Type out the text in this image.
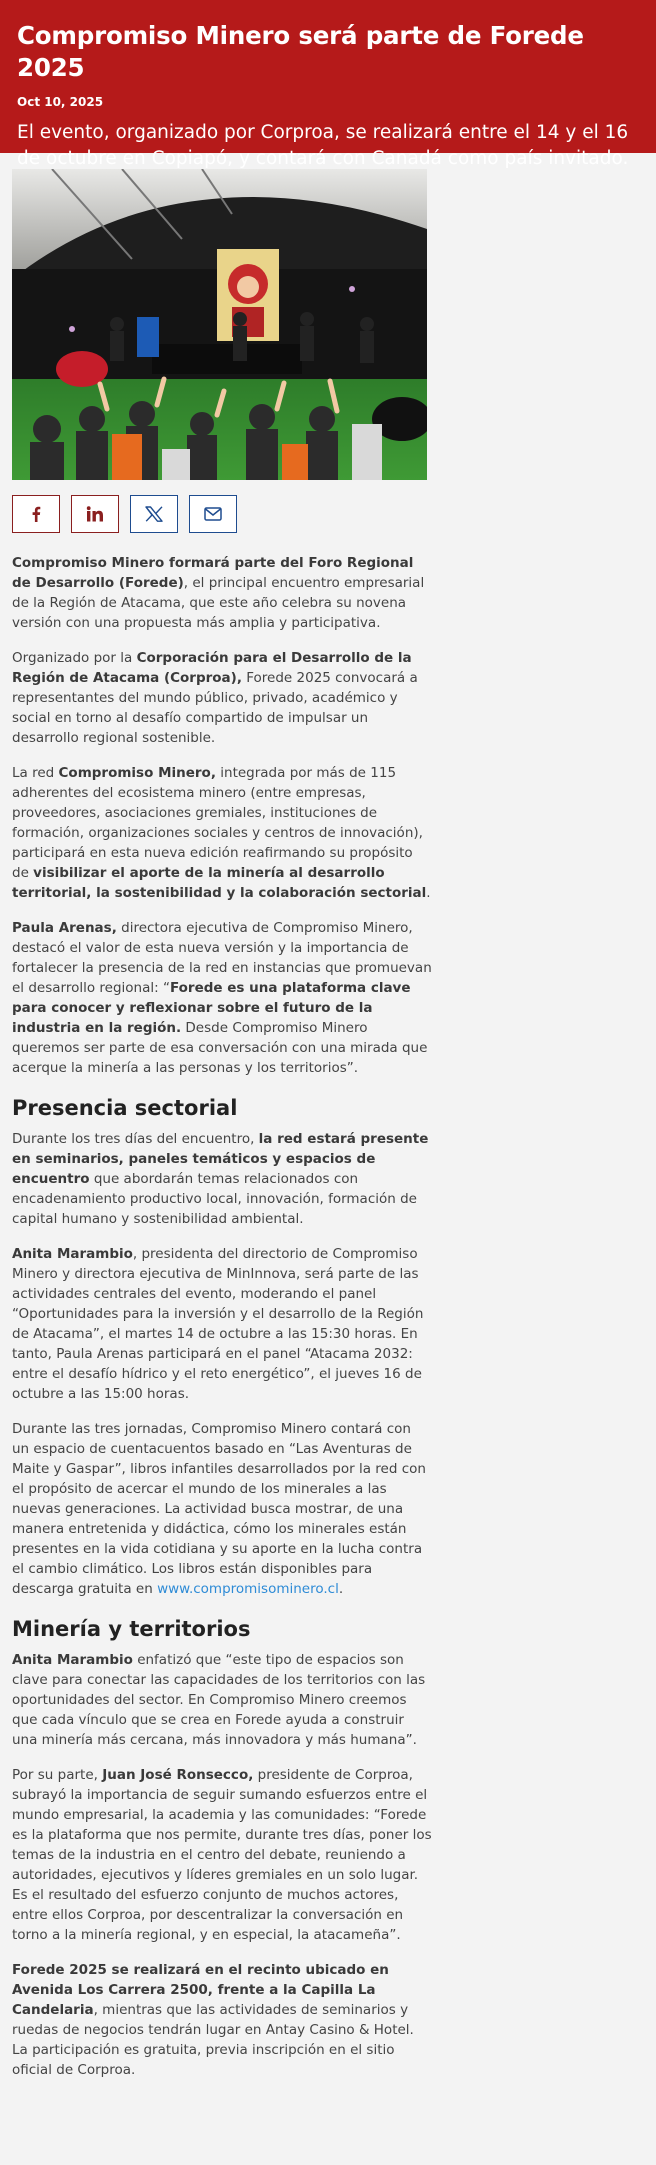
Compromiso Minero será parte de Forede 2025
Oct 10, 2025
El evento, organizado por Corproa, se realizará entre el 14 y el 16 de octubre en Copiapó, y contará con Canadá como país invitado.

Compromiso Minero formará parte del Foro Regional de Desarrollo (Forede), el principal encuentro empresarial de la Región de Atacama, que este año celebra su novena versión con una propuesta más amplia y participativa.

Organizado por la Corporación para el Desarrollo de la Región de Atacama (Corproa), Forede 2025 convocará a representantes del mundo público, privado, académico y social en torno al desafío compartido de impulsar un desarrollo regional sostenible.

La red Compromiso Minero, integrada por más de 115 adherentes del ecosistema minero (entre empresas, proveedores, asociaciones gremiales, instituciones de formación, organizaciones sociales y centros de innovación), participará en esta nueva edición reafirmando su propósito de visibilizar el aporte de la minería al desarrollo territorial, la sostenibilidad y la colaboración sectorial.

Paula Arenas, directora ejecutiva de Compromiso Minero, destacó el valor de esta nueva versión y la importancia de fortalecer la presencia de la red en instancias que promuevan el desarrollo regional: “Forede es una plataforma clave para conocer y reflexionar sobre el futuro de la industria en la región. Desde Compromiso Minero queremos ser parte de esa conversación con una mirada que acerque la minería a las personas y los territorios”.

Presencia sectorial

Durante los tres días del encuentro, la red estará presente en seminarios, paneles temáticos y espacios de encuentro que abordarán temas relacionados con encadenamiento productivo local, innovación, formación de capital humano y sostenibilidad ambiental.

Anita Marambio, presidenta del directorio de Compromiso Minero y directora ejecutiva de MinInnova, será parte de las actividades centrales del evento, moderando el panel “Oportunidades para la inversión y el desarrollo de la Región de Atacama”, el martes 14 de octubre a las 15:30 horas. En tanto, Paula Arenas participará en el panel “Atacama 2032: entre el desafío hídrico y el reto energético”, el jueves 16 de octubre a las 15:00 horas.

Durante las tres jornadas, Compromiso Minero contará con un espacio de cuentacuentos basado en “Las Aventuras de Maite y Gaspar”, libros infantiles desarrollados por la red con el propósito de acercar el mundo de los minerales a las nuevas generaciones. La actividad busca mostrar, de una manera entretenida y didáctica, cómo los minerales están presentes en la vida cotidiana y su aporte en la lucha contra el cambio climático. Los libros están disponibles para descarga gratuita en www.compromisominero.cl.

Minería y territorios

Anita Marambio enfatizó que “este tipo de espacios son clave para conectar las capacidades de los territorios con las oportunidades del sector. En Compromiso Minero creemos que cada vínculo que se crea en Forede ayuda a construir una minería más cercana, más innovadora y más humana”.

Por su parte, Juan José Ronsecco, presidente de Corproa, subrayó la importancia de seguir sumando esfuerzos entre el mundo empresarial, la academia y las comunidades: “Forede es la plataforma que nos permite, durante tres días, poner los temas de la industria en el centro del debate, reuniendo a autoridades, ejecutivos y líderes gremiales en un solo lugar. Es el resultado del esfuerzo conjunto de muchos actores, entre ellos Corproa, por descentralizar la conversación en torno a la minería regional, y en especial, la atacameña”.

Forede 2025 se realizará en el recinto ubicado en Avenida Los Carrera 2500, frente a la Capilla La Candelaria, mientras que las actividades de seminarios y ruedas de negocios tendrán lugar en Antay Casino & Hotel. La participación es gratuita, previa inscripción en el sitio oficial de Corproa.
